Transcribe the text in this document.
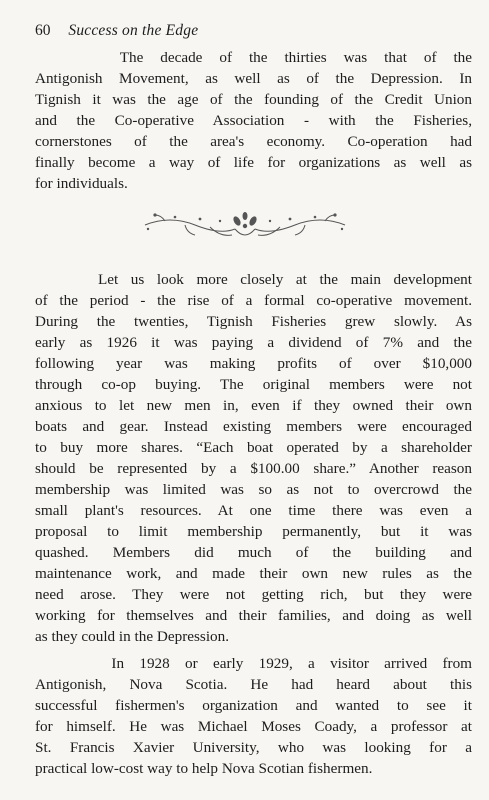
60 Success on the Edge

The decade of the thirties was that of the
Antigonish Movement, as well as of the Depression. In
Tignish it was the age of the founding of the Credit Union
and the Co-operative Association - with the Fisheries,
cornerstones of the area's economy. Co-operation had
finally become a way of life for organizations as well as
for individuals.

Let us look more closely at the main development
of the period - the rise of a formal co-operative movement.
During the twenties, Tignish Fisheries grew slowly. As
early as 1926 it was paying a dividend of 7% and the
following year was making profits of over $10,000
through co-op buying. The original members were not
anxious to let new men in, even if they owned their own
boats and gear. Instead existing members were encouraged
to buy more shares. “Each boat operated by a shareholder
should be represented by a $100.00 share.” Another reason
membership was limited was so as not to overcrowd the
small plant's resources. At one time there was even a
proposal to limit membership permanently, but it was
quashed. Members did much of the building and
maintenance work, and made their own new rules as the
need arose. They were not getting rich, but they were
working for themselves and their families, and doing as well
as they could in the Depression.

In 1928 or early 1929, a visitor arrived from
Antigonish, Nova Scotia. He had heard about this
successful fishermen's organization and wanted to see it
for himself. He was Michael Moses Coady, a professor at
St. Francis Xavier University, who was looking for a
practical low-cost way to help Nova Scotian fishermen.
